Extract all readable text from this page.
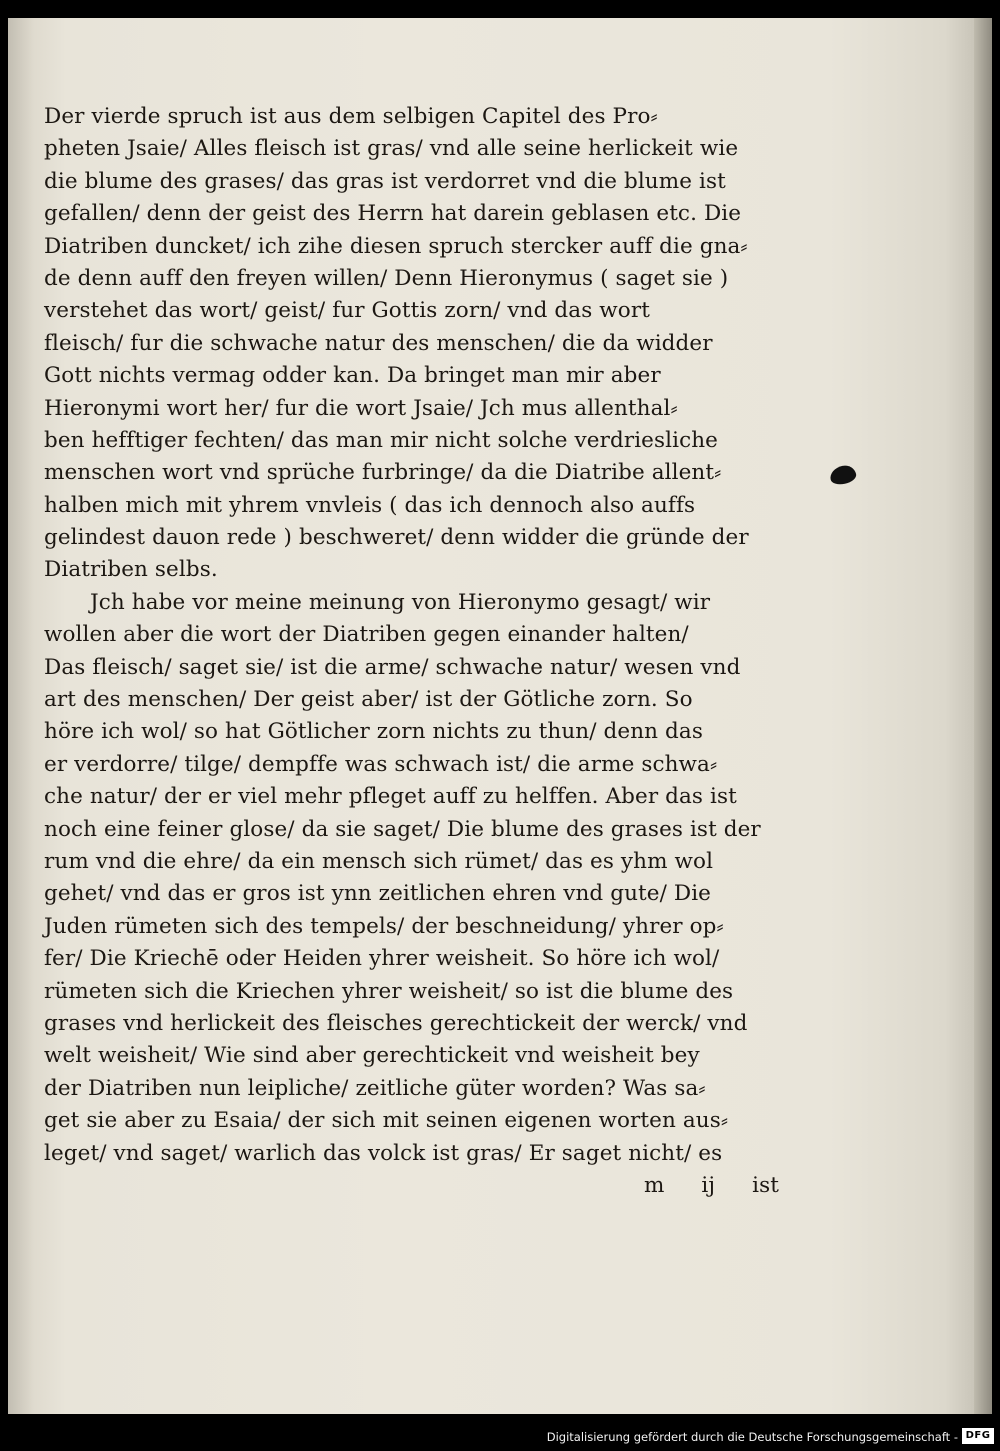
Der vierde spruch ist aus dem selbigen Capitel des Pro⸗
pheten Jsaie/ Alles fleisch ist gras/ vnd alle seine herlickeit wie
die blume des grases/ das gras ist verdorret vnd die blume ist
gefallen/ denn der geist des Herrn hat darein geblasen etc. Die
Diatriben duncket/ ich zihe diesen spruch stercker auff die gna⸗
de denn auff den freyen willen/ Denn Hieronymus ( saget sie )
verstehet das wort/ geist/ fur Gottis zorn/ vnd das wort
fleisch/ fur die schwache natur des menschen/ die da widder
Gott nichts vermag odder kan. Da bringet man mir aber
Hieronymi wort her/ fur die wort Jsaie/ Jch mus allenthal⸗
ben hefftiger fechten/ das man mir nicht solche verdriesliche
menschen wort vnd sprüche furbringe/ da die Diatribe allent⸗
halben mich mit yhrem vnvleis ( das ich dennoch also auffs
gelindest dauon rede ) beschweret/ denn widder die gründe der
Diatriben selbs.
Jch habe vor meine meinung von Hieronymo gesagt/ wir
wollen aber die wort der Diatriben gegen einander halten/
Das fleisch/ saget sie/ ist die arme/ schwache natur/ wesen vnd
art des menschen/ Der geist aber/ ist der Götliche zorn. So
höre ich wol/ so hat Götlicher zorn nichts zu thun/ denn das
er verdorre/ tilge/ dempffe was schwach ist/ die arme schwa⸗
che natur/ der er viel mehr pfleget auff zu helffen. Aber das ist
noch eine feiner glose/ da sie saget/ Die blume des grases ist der
rum vnd die ehre/ da ein mensch sich rümet/ das es yhm wol
gehet/ vnd das er gros ist ynn zeitlichen ehren vnd gute/ Die
Juden rümeten sich des tempels/ der beschneidung/ yhrer op⸗
fer/ Die Kriechē oder Heiden yhrer weisheit. So höre ich wol/
rümeten sich die Kriechen yhrer weisheit/ so ist die blume des
grases vnd herlickeit des fleisches gerechtickeit der werck/ vnd
welt weisheit/ Wie sind aber gerechtickeit vnd weisheit bey
der Diatriben nun leipliche/ zeitliche güter worden? Was sa⸗
get sie aber zu Esaia/ der sich mit seinen eigenen worten aus⸗
leget/ vnd saget/ warlich das volck ist gras/ Er saget nicht/ es
m ij ist
Digitalisierung gefördert durch die Deutsche Forschungsgemeinschaft - DFG
